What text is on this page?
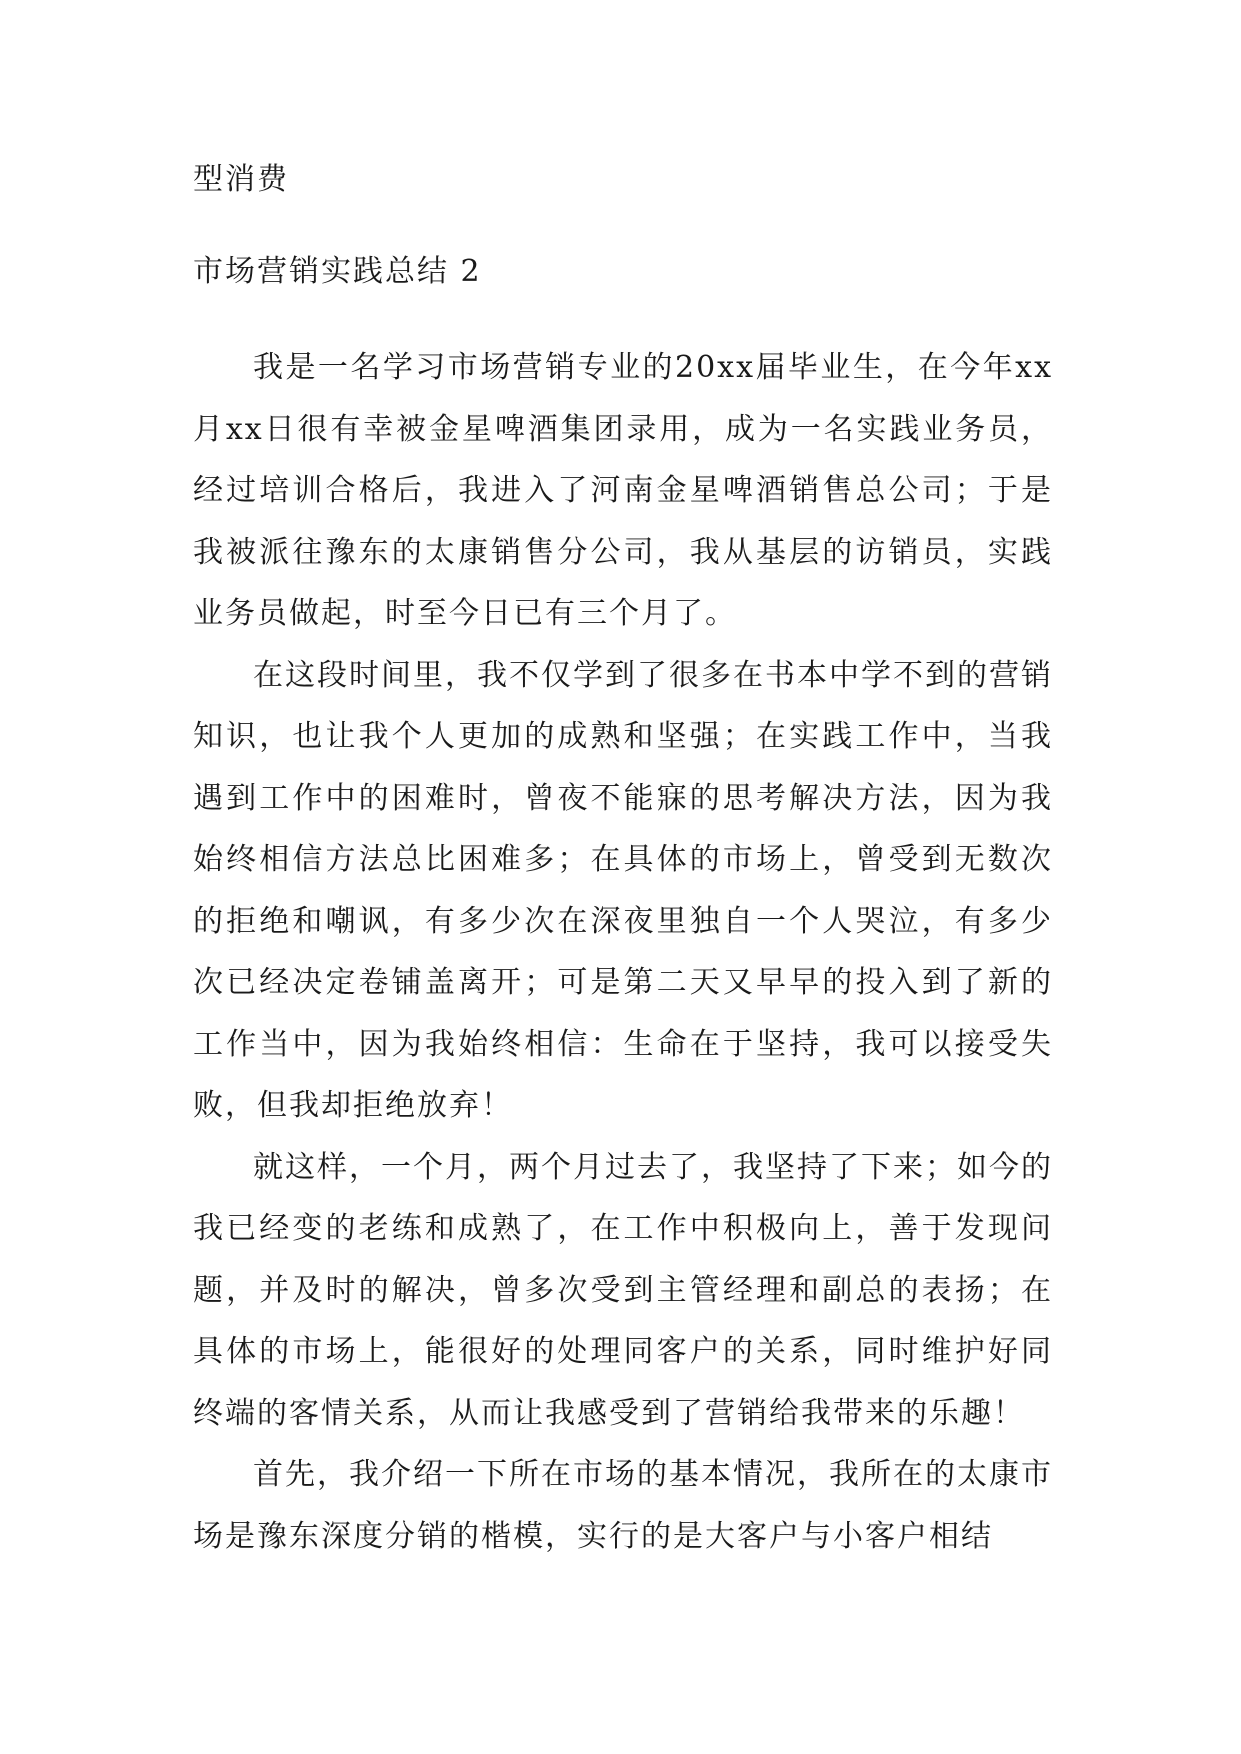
型消费
市场营销实践总结 2

我是一名学习市场营销专业的20xx届毕业生，在今年xx月xx日很有幸被金星啤酒集团录用，成为一名实践业务员，经过培训合格后，我进入了河南金星啤酒销售总公司；于是我被派往豫东的太康销售分公司，我从基层的访销员，实践业务员做起，时至今日已有三个月了。

在这段时间里，我不仅学到了很多在书本中学不到的营销知识，也让我个人更加的成熟和坚强；在实践工作中，当我遇到工作中的困难时，曾夜不能寐的思考解决方法，因为我始终相信方法总比困难多；在具体的市场上，曾受到无数次的拒绝和嘲讽，有多少次在深夜里独自一个人哭泣，有多少次已经决定卷铺盖离开；可是第二天又早早的投入到了新的工作当中，因为我始终相信：生命在于坚持，我可以接受失败，但我却拒绝放弃！

就这样，一个月，两个月过去了，我坚持了下来；如今的我已经变的老练和成熟了，在工作中积极向上，善于发现问题，并及时的解决，曾多次受到主管经理和副总的表扬；在具体的市场上，能很好的处理同客户的关系，同时维护好同终端的客情关系，从而让我感受到了营销给我带来的乐趣！

首先，我介绍一下所在市场的基本情况，我所在的太康市场是豫东深度分销的楷模，实行的是大客户与小客户相结
